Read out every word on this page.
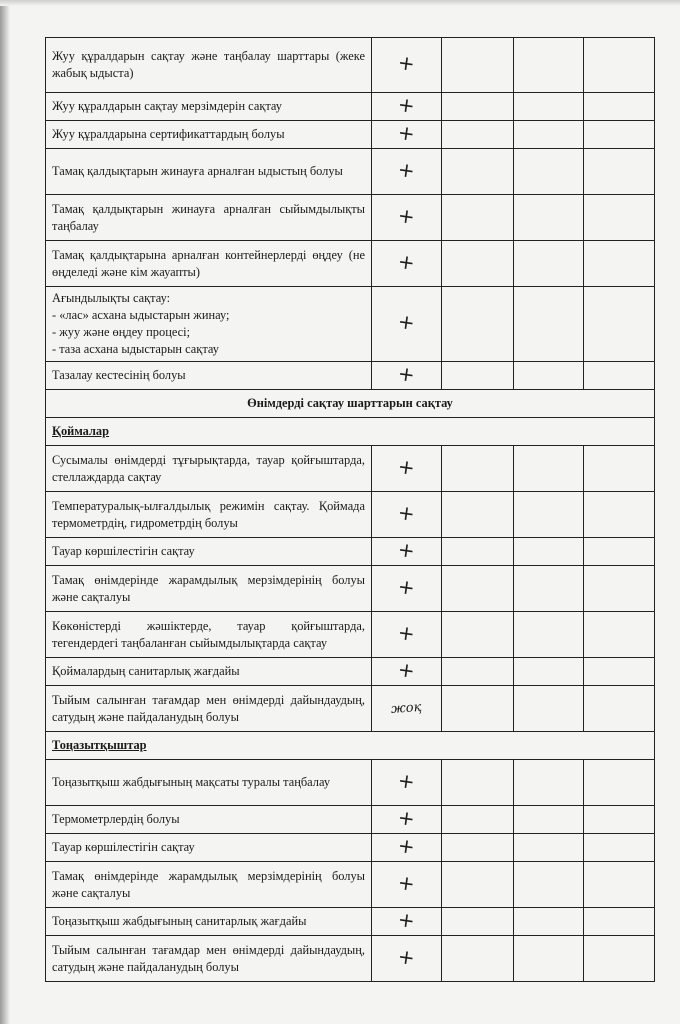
Жуу құралдарын сақтау және таңбалау шарттары (жеке жабық ыдыста)	+			
Жуу құралдарын сақтау мерзімдерін сақтау	+			
Жуу құралдарына сертификаттардың болуы	+			
Тамақ қалдықтарын жинауға арналған ыдыстың болуы	+			
Тамақ қалдықтарын жинауға арналған сыйымдылықты таңбалау	+			
Тамақ қалдықтарына арналған контейнерлерді өңдеу (не өңделеді және кім жауапты)	+			
Ағындылықты сақтау:
- «лас» асхана ыдыстарын жинау;
- жуу және өңдеу процесі;
- таза асхана ыдыстарын сақтау	+			
Тазалау кестесінің болуы	+			
Өнімдерді сақтау шарттарын сақтау				
Қоймалар				
Сусымалы өнімдерді тұғырықтарда, тауар қойғыштарда, стеллаждарда сақтау	+			
Температуралық-ылғалдылық режимін сақтау. Қоймада термометрдің, гидрометрдің болуы	+			
Тауар көршілестігін сақтау	+			
Тамақ өнімдерінде жарамдылық мерзімдерінің болуы және сақталуы	+			
Көкөністерді жәшіктерде, тауар қойғыштарда, тегендердегі таңбаланған сыйымдылықтарда сақтау	+			
Қоймалардың санитарлық жағдайы	+			
Тыйым салынған тағамдар мен өнімдерді дайындаудың, сатудың және пайдаланудың болуы	жоқ			
Тоңазытқыштар				
Тоңазытқыш жабдығының мақсаты туралы таңбалау	+			
Термометрлердің болуы	+			
Тауар көршілестігін сақтау	+			
Тамақ өнімдерінде жарамдылық мерзімдерінің болуы және сақталуы	+			
Тоңазытқыш жабдығының санитарлық жағдайы	+			
Тыйым салынған тағамдар мен өнімдерді дайындаудың, сатудың және пайдаланудың болуы	+			
